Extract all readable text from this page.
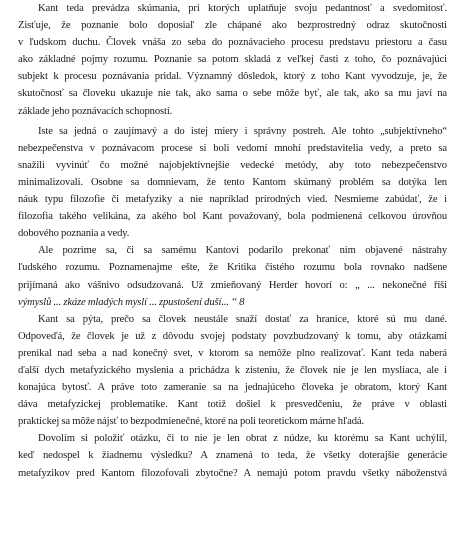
Kant teda prevádza skúmania, pri ktorých uplatňuje svoju pedantnosť a svedomitosť.
Zisťuje, že poznanie bolo doposiaľ zle chápané ako bezprostredný odraz skutočnosti
v ľudskom duchu. Človek vnáša zo seba do poznávacieho procesu predstavu priestoru a času
ako základné pojmy rozumu. Poznanie sa potom skladá z veľkej časti z toho, čo poznávajúci
subjekt k procesu poznávania pridal. Významný dôsledok, ktorý z toho Kant vyvodzuje, je, že
skutočnosť sa človeku ukazuje nie tak, ako sama o sebe môže byť, ale tak, ako sa mu javí na
základe jeho poznávacích schopností.
Iste sa jedná o zaujímavý a do istej miery i správny postreh. Ale tohto „subjektívneho“
nebezpečenstva v poznávacom procese si boli vedomí mnohí predstavitelia vedy, a preto sa
snažili vyvinúť čo možné najobjektívnejšie vedecké metódy, aby toto nebezpečenstvo
minimalizovali. Osobne sa domnievam, že tento Kantom skúmaný problém sa dotýka len
náuk typu filozofie či metafyziky a nie napríklad prírodných vied. Nesmieme zabúdať, že i
filozofia takého velikána, za akého bol Kant považovaný, bola podmienená celkovou úrovňou
dobového poznania a vedy.
Ale pozrime sa, či sa samému Kantovi podarilo prekonať nim objavené nástrahy
ľudského rozumu. Poznamenajme ešte, že Kritika čistého rozumu bola rovnako nadšene
prijímaná ako vášnivo odsudzovaná. Už zmieňovaný Herder hovorí o: „ ... nekonečné říši
výmyslů ... zkáze mladých myslí ... zpustošení duší... “ 8
Kant sa pýta, prečo sa človek neustále snaží dostať za hranice, ktoré sú mu dané.
Odpoveďá, že človek je už z dôvodu svojej podstaty povzbudzovaný k tomu, aby otázkami
prenikal nad seba a nad konečný svet, v ktorom sa nemôže plno realizovať. Kant teda naberá
ďalší dych metafyzického myslenia a prichádza k zisteniu, že človek nie je len mysliaca, ale i
konajúca bytosť. A práve toto zameranie sa na jednajúceho človeka je obratom, ktorý Kant
dáva metafyzickej problematike. Kant totiž došiel k presvedčeniu, že práve v oblasti
praktickej sa môže nájsť to bezpodmienečné, ktoré na poli teoretickom márne hľadá.
Dovolím si položiť otázku, či to nie je len obrat z núdze, ku ktorému sa Kant uchýlil,
keď nedospel k žiadnemu výsledku? A znamená to teda, že všetky doterajšie generácie
metafyzikov pred Kantom filozofovali zbytočne? A nemajú potom pravdu všetky náboženstvá
